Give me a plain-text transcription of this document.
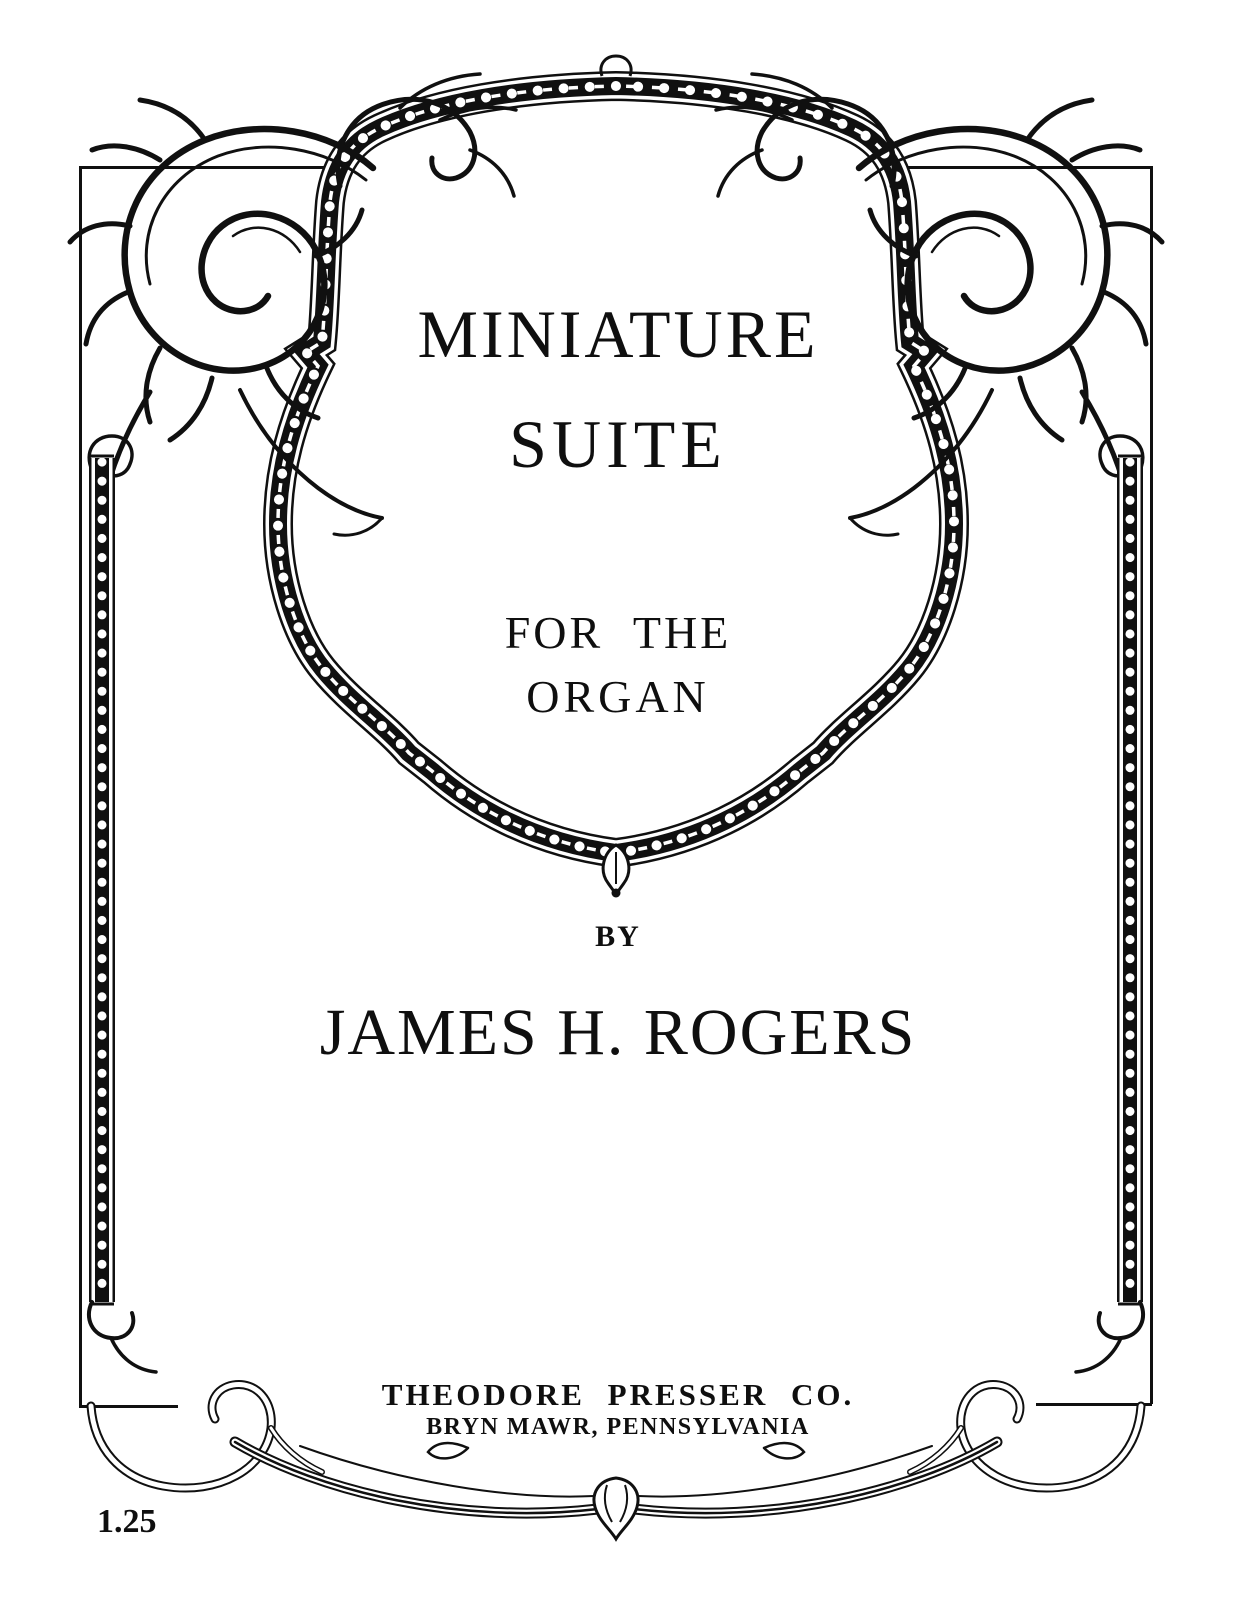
MINIATURE
SUITE
FOR THE
ORGAN
BY
JAMES H. ROGERS
THEODORE PRESSER CO.
BRYN MAWR, PENNSYLVANIA
1.25
